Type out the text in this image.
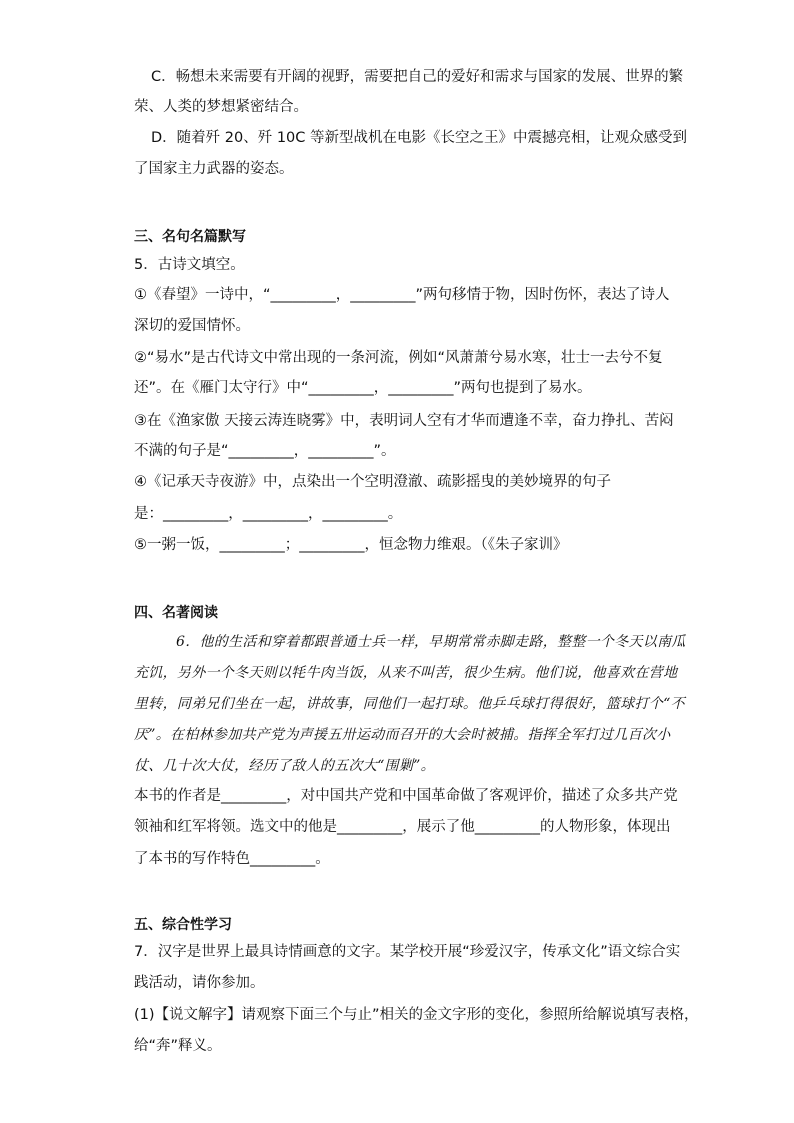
C．畅想未来需要有开阔的视野，需要把自己的爱好和需求与国家的发展、世界的繁
荣、人类的梦想紧密结合。
D．随着歼 20、歼 10C 等新型战机在电影《长空之王》中震撼亮相，让观众感受到
了国家主力武器的姿态。
三、名句名篇默写
5．古诗文填空。
①《春望》一诗中，“_________，_________”两句移情于物，因时伤怀，表达了诗人
深切的爱国情怀。
②“易水”是古代诗文中常出现的一条河流，例如“风萧萧兮易水寒，壮士一去兮不复
还”。在《雁门太守行》中“_________，_________”两句也提到了易水。
③在《渔家傲 天接云涛连晓雾》中，表明词人空有才华而遭逢不幸，奋力挣扎、苦闷
不满的句子是“_________，_________”。
④《记承天寺夜游》中，点染出一个空明澄澈、疏影摇曳的美妙境界的句子
是：_________，_________，_________。
⑤一粥一饭，_________；_________，恒念物力维艰。（《朱子家训》
四、名著阅读
6．他的生活和穿着都跟普通士兵一样，早期常常赤脚走路，整整一个冬天以南瓜
充饥，另外一个冬天则以牦牛肉当饭，从来不叫苦，很少生病。他们说，他喜欢在营地
里转，同弟兄们坐在一起，讲故事，同他们一起打球。他乒乓球打得很好，篮球打个“不
厌”。在柏林参加共产党为声援五卅运动而召开的大会时被捕。指挥全军打过几百次小
仗、几十次大仗，经历了敌人的五次大“围剿”。
本书的作者是_________，对中国共产党和中国革命做了客观评价，描述了众多共产党
领袖和红军将领。选文中的他是_________，展示了他_________的人物形象，体现出
了本书的写作特色_________。
五、综合性学习
7．汉字是世界上最具诗情画意的文字。某学校开展“珍爱汉字，传承文化”语文综合实
践活动，请你参加。
(1)【说文解字】请观察下面三个与止”相关的金文字形的变化，参照所给解说填写表格，
给“奔”释义。
